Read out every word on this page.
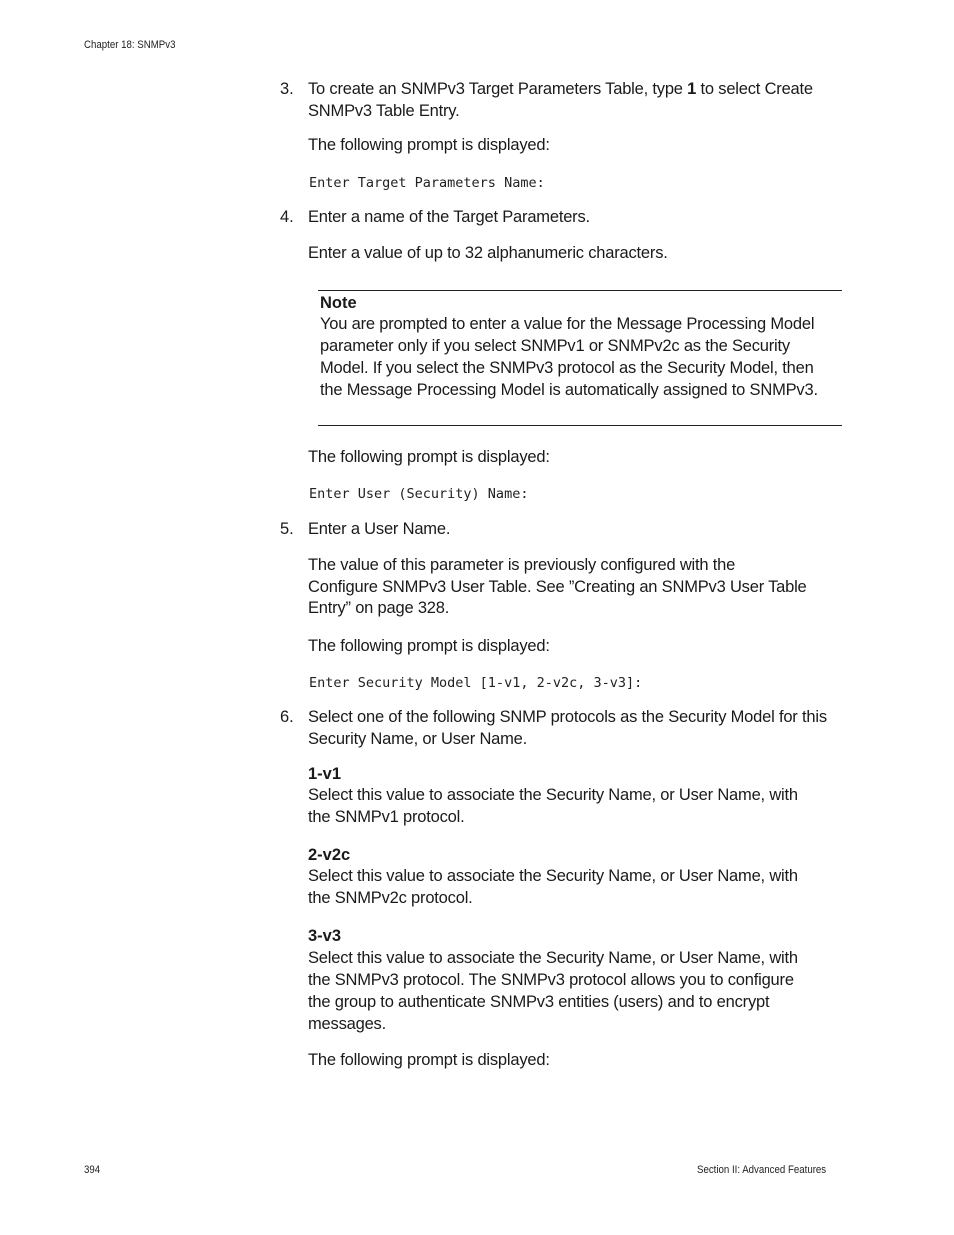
Chapter 18: SNMPv3
3. To create an SNMPv3 Target Parameters Table, type 1 to select Create SNMPv3 Table Entry.
The following prompt is displayed:
Enter Target Parameters Name:
4. Enter a name of the Target Parameters.
Enter a value of up to 32 alphanumeric characters.
Note
You are prompted to enter a value for the Message Processing Model parameter only if you select SNMPv1 or SNMPv2c as the Security Model. If you select the SNMPv3 protocol as the Security Model, then the Message Processing Model is automatically assigned to SNMPv3.
The following prompt is displayed:
Enter User (Security) Name:
5. Enter a User Name.
The value of this parameter is previously configured with the Configure SNMPv3 User Table. See ”Creating an SNMPv3 User Table Entry” on page 328.
The following prompt is displayed:
Enter Security Model [1-v1, 2-v2c, 3-v3]:
6. Select one of the following SNMP protocols as the Security Model for this Security Name, or User Name.
1-v1
Select this value to associate the Security Name, or User Name, with the SNMPv1 protocol.
2-v2c
Select this value to associate the Security Name, or User Name, with the SNMPv2c protocol.
3-v3
Select this value to associate the Security Name, or User Name, with the SNMPv3 protocol. The SNMPv3 protocol allows you to configure the group to authenticate SNMPv3 entities (users) and to encrypt messages.
The following prompt is displayed:
394	Section II: Advanced Features
